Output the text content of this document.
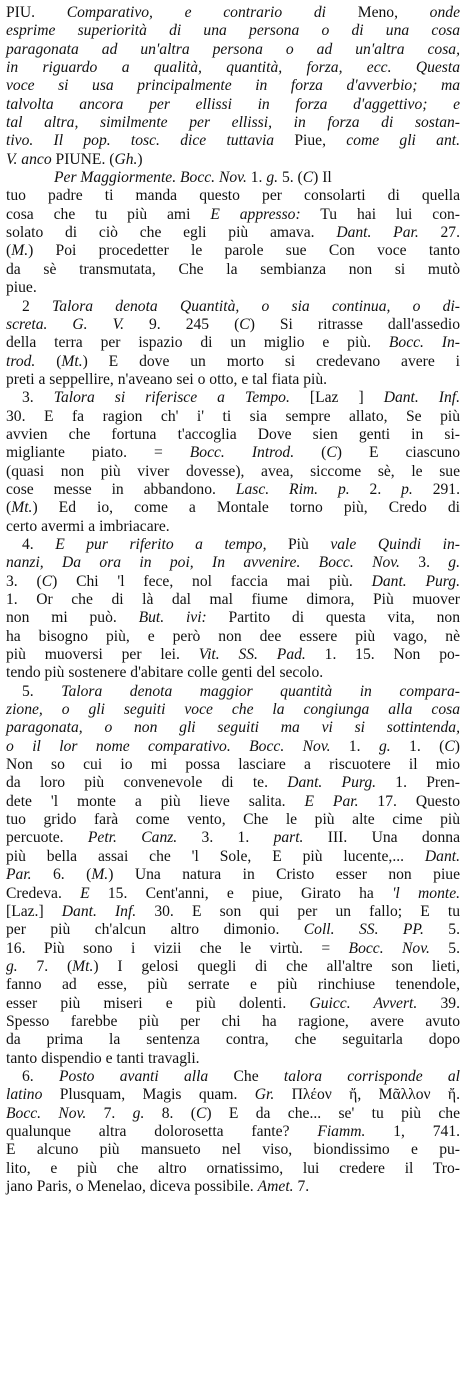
PIU. Comparativo, e contrario di Meno, onde
esprime superiorità di una persona o di una cosa
paragonata ad un'altra persona o ad un'altra cosa,
in riguardo a qualità, quantità, forza, ecc. Questa
voce si usa principalmente in forza d'avverbio; ma
talvolta ancora per ellissi in forza d'aggettivo; e
tal altra, similmente per ellissi, in forza di sostan-
tivo. Il pop. tosc. dice tuttavia Piue, come gli ant.
V. anco PIUNE. (Gh.)
Per Maggiormente. Bocc. Nov. 1. g. 5. (C) Il
tuo padre ti manda questo per consolarti di quella
cosa che tu più ami E appresso: Tu hai lui con-
solato di ciò che egli più amava. Dant. Par. 27.
(M.) Poi procedetter le parole sue Con voce tanto
da sè transmutata, Che la sembianza non si mutò
piue.
2 Talora denota Quantità, o sia continua, o di-
screta. G. V. 9. 245 (C) Si ritrasse dall'assedio
della terra per ispazio di un miglio e più. Bocc. In-
trod. (Mt.) E dove un morto si credevano avere i
preti a seppellire, n'aveano sei o otto, e tal fiata più.
3. Talora si riferisce a Tempo. [Laz ] Dant. Inf.
30. E fa ragion ch' i' ti sia sempre allato, Se più
avvien che fortuna t'accoglia Dove sien genti in si-
migliante piato. = Bocc. Introd. (C) E ciascuno
(quasi non più viver dovesse), avea, siccome sè, le sue
cose messe in abbandono. Lasc. Rim. p. 2. p. 291.
(Mt.) Ed io, come a Montale torno più, Credo di
certo avermi a imbriacare.
4. E pur riferito a tempo, Più vale Quindi in-
nanzi, Da ora in poi, In avvenire. Bocc. Nov. 3. g.
3. (C) Chi 'l fece, nol faccia mai più. Dant. Purg.
1. Or che di là dal mal fiume dimora, Più muover
non mi può. But. ivi: Partito di questa vita, non
ha bisogno più, e però non dee essere più vago, nè
più muoversi per lei. Vit. SS. Pad. 1. 15. Non po-
tendo più sostenere d'abitare colle genti del secolo.
5. Talora denota maggior quantità in compara-
zione, o gli seguiti voce che la congiunga alla cosa
paragonata, o non gli seguiti ma vi si sottintenda,
o il lor nome comparativo. Bocc. Nov. 1. g. 1. (C)
Non so cui io mi possa lasciare a riscuotere il mio
da loro più convenevole di te. Dant. Purg. 1. Pren-
dete 'l monte a più lieve salita. E Par. 17. Questo
tuo grido farà come vento, Che le più alte cime più
percuote. Petr. Canz. 3. 1. part. III. Una donna
più bella assai che 'l Sole, E più lucente,... Dant.
Par. 6. (M.) Una natura in Cristo esser non piue
Credeva. E 15. Cent'anni, e piue, Girato ha 'l monte.
[Laz.] Dant. Inf. 30. E son qui per un fallo; E tu
per più ch'alcun altro dimonio. Coll. SS. PP. 5.
16. Più sono i vizii che le virtù. = Bocc. Nov. 5.
g. 7. (Mt.) I gelosi quegli di che all'altre son lieti,
fanno ad esse, più serrate e più rinchiuse tenendole,
esser più miseri e più dolenti. Guicc. Avvert. 39.
Spesso farebbe più per chi ha ragione, avere avuto
da prima la sentenza contra, che seguitarla dopo
tanto dispendio e tanti travagli.
6. Posto avanti alla Che talora corrisponde al
latino Plusquam, Magis quam. Gr. Πλέον ἤ, Μᾶλλον ἤ.
Bocc. Nov. 7. g. 8. (C) E da che... se' tu più che
qualunque altra dolorosetta fante? Fiamm. 1, 741.
E alcuno più mansueto nel viso, biondissimo e pu-
lito, e più che altro ornatissimo, lui credere il Tro-
jano Paris, o Menelao, diceva possibile. Amet. 7.
